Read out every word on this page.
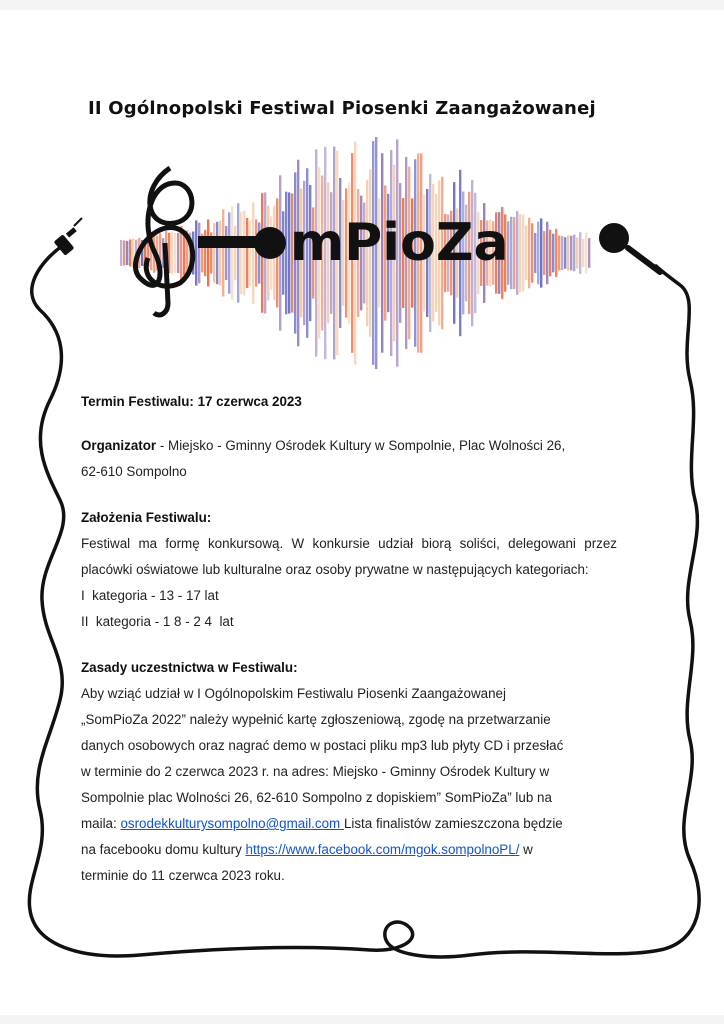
II Ogólnopolski Festiwal Piosenki Zaangażowanej
mPioZa

Termin Festiwalu: 17 czerwca 2023

Organizator - Miejsko - Gminny Ośrodek Kultury w Sompolnie, Plac Wolności 26,
62-610 Sompolno

Założenia Festiwalu:

Festiwal ma formę konkursową. W konkursie udział biorą soliści, delegowani przez placówki oświatowe lub kulturalne oraz osoby prywatne w następujących kategoriach:

I  kategoria - 13 - 17 lat

II  kategoria - 1 8 - 2 4  lat

Zasady uczestnictwa w Festiwalu:

Aby wziąć udział w I Ogólnopolskim Festiwalu Piosenki Zaangażowanej

„SomPioZa 2022” należy wypełnić kartę zgłoszeniową, zgodę na przetwarzanie

danych osobowych oraz nagrać demo w postaci pliku mp3 lub płyty CD i przesłać

w terminie do 2 czerwca 2023 r. na adres: Miejsko - Gminny Ośrodek Kultury w

Sompolnie plac Wolności 26, 62-610 Sompolno z dopiskiem” SomPioZa” lub na

maila: osrodekkulturysompolno@gmail.com Lista finalistów zamieszczona będzie

na facebooku domu kultury https://www.facebook.com/mgok.sompolnoPL/ w

terminie do 11 czerwca 2023 roku.
